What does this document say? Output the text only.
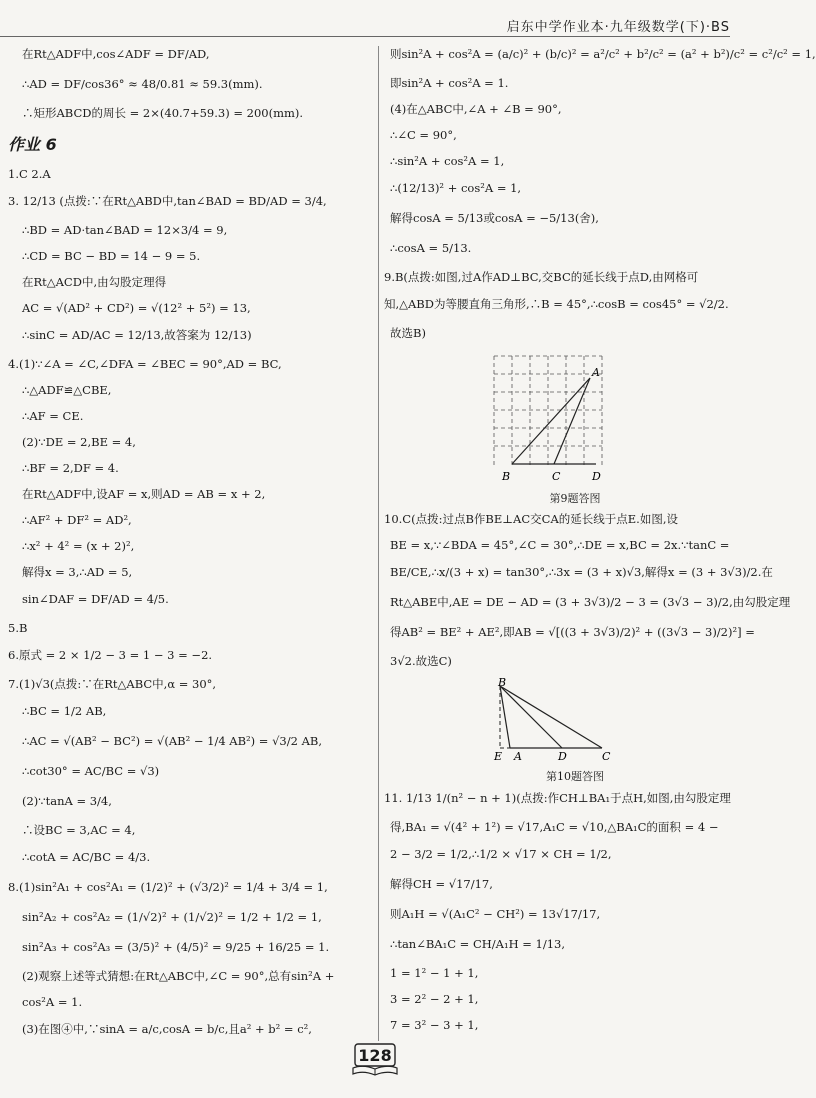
启东中学作业本·九年级数学(下)·BS
在Rt△ADF中,cos∠ADF = DF/AD,
∴AD = DF/cos36° ≈ 48/0.81 ≈ 59.3(mm).
∴矩形ABCD的周长 = 2×(40.7+59.3) = 200(mm).
作业 6
1.C 2.A
3. 12/13 (点拨:∵在Rt△ABD中,tan∠BAD = BD/AD = 3/4,
∴BD = AD·tan∠BAD = 12×3/4 = 9,
∴CD = BC − BD = 14 − 9 = 5.
在Rt△ACD中,由勾股定理得
AC = √(AD² + CD²) = √(12² + 5²) = 13,
∴sinC = AD/AC = 12/13,故答案为 12/13)
4.(1)∵∠A = ∠C,∠DFA = ∠BEC = 90°,AD = BC,
∴△ADF≌△CBE,
∴AF = CE.
(2)∵DE = 2,BE = 4,
∴BF = 2,DF = 4.
在Rt△ADF中,设AF = x,则AD = AB = x + 2,
∴AF² + DF² = AD²,
∴x² + 4² = (x + 2)²,
解得x = 3,∴AD = 5,
sin∠DAF = DF/AD = 4/5.
5.B
6.原式 = 2 × 1/2 − 3 = 1 − 3 = −2.
7.(1)√3(点拨:∵在Rt△ABC中,α = 30°,
∴BC = 1/2 AB,
∴AC = √(AB² − BC²) = √(AB² − 1/4 AB²) = √3/2 AB,
∴cot30° = AC/BC = √3)
(2)∵tanA = 3/4,
∴设BC = 3,AC = 4,
∴cotA = AC/BC = 4/3.
8.(1)sin²A₁ + cos²A₁ = (1/2)² + (√3/2)² = 1/4 + 3/4 = 1,
sin²A₂ + cos²A₂ = (1/√2)² + (1/√2)² = 1/2 + 1/2 = 1,
sin²A₃ + cos²A₃ = (3/5)² + (4/5)² = 9/25 + 16/25 = 1.
(2)观察上述等式猜想:在Rt△ABC中,∠C = 90°,总有sin²A +
cos²A = 1.
(3)在图④中,∵sinA = a/c,cosA = b/c,且a² + b² = c²,
则sin²A + cos²A = (a/c)² + (b/c)² = a²/c² + b²/c² = (a² + b²)/c² = c²/c² = 1,
即sin²A + cos²A = 1.
(4)在△ABC中,∠A + ∠B = 90°,
∴∠C = 90°,
∴sin²A + cos²A = 1,
∴(12/13)² + cos²A = 1,
解得cosA = 5/13或cosA = −5/13(舍),
∴cosA = 5/13.
9.B(点拨:如图,过A作AD⊥BC,交BC的延长线于点D,由网格可
知,△ABD为等腰直角三角形,∴B = 45°,∴cosB = cos45° = √2/2.
故选B)
A
B	C	D
第9题答图
10.C(点拨:过点B作BE⊥AC交CA的延长线于点E.如图,设
BE = x,∵∠BDA = 45°,∠C = 30°,∴DE = x,BC = 2x.∵tanC =
BE/CE,∴x/(3 + x) = tan30°,∴3x = (3 + x)√3,解得x = (3 + 3√3)/2.在
Rt△ABE中,AE = DE − AD = (3 + 3√3)/2 − 3 = (3√3 − 3)/2,由勾股定理
得AB² = BE² + AE²,即AB = √[((3 + 3√3)/2)² + ((3√3 − 3)/2)²] =
3√2.故选C)
B
E A	D	C
第10题答图
11. 1/13 1/(n² − n + 1)(点拨:作CH⊥BA₁于点H,如图,由勾股定理
得,BA₁ = √(4² + 1²) = √17,A₁C = √10,△BA₁C的面积 = 4 −
2 − 3/2 = 1/2,∴1/2 × √17 × CH = 1/2,
解得CH = √17/17,
则A₁H = √(A₁C² − CH²) = 13√17/17,
∴tan∠BA₁C = CH/A₁H = 1/13,
1 = 1² − 1 + 1,
3 = 2² − 2 + 1,
7 = 3² − 3 + 1,
128
